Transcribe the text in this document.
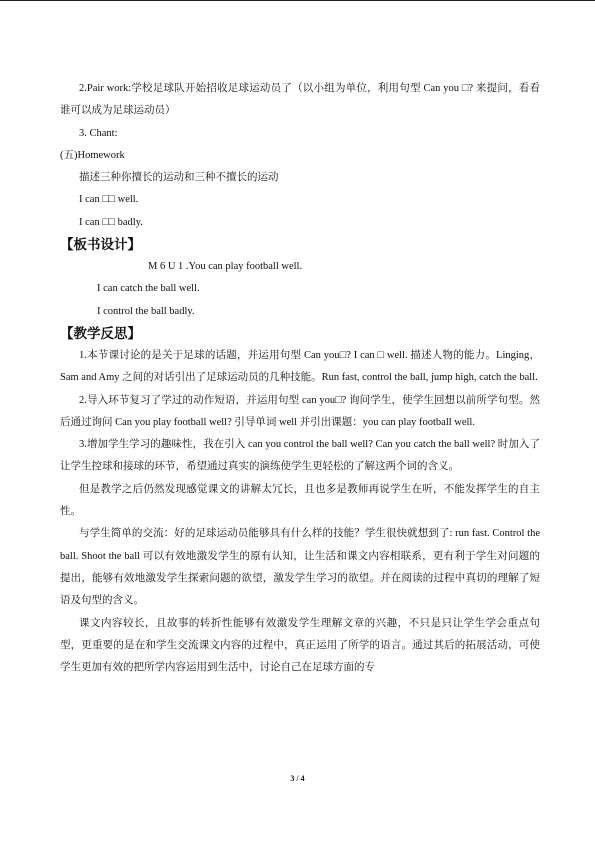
2.Pair work:学校足球队开始招收足球运动员了（以小组为单位，利用句型 Can you □? 来提问，看看谁可以成为足球运动员）

3. Chant:

(五)Homework

描述三种你擅长的运动和三种不擅长的运动

I can □□ well.

I can □□ badly.

【板书设计】

M 6 U 1 .You can play football well.

I can catch the ball well.

I control the ball badly.

【教学反思】

1.本节课讨论的是关于足球的话题，并运用句型 Can you□? I can □ well. 描述人物的能力。Linging，Sam and Amy 之间的对话引出了足球运动员的几种技能。Run fast, control the ball, jump high, catch the ball.

2.导入环节复习了学过的动作短语，并运用句型 can you□? 询问学生，使学生回想以前所学句型。然后通过询问 Can you play football well? 引导单词 well 并引出课题：you can play football well.

3.增加学生学习的趣味性，我在引入 can you control the ball well? Can you catch the ball well? 时加入了让学生控球和接球的环节，希望通过真实的演练使学生更轻松的了解这两个词的含义。

但是教学之后仍然发现感觉课文的讲解太冗长，且也多是教师再说学生在听，不能发挥学生的自主性。

与学生简单的交流：好的足球运动员能够具有什么样的技能？学生很快就想到了: run fast. Control the ball. Shoot the ball 可以有效地激发学生的原有认知，让生活和课文内容相联系，更有利于学生对问题的提出，能够有效地激发学生探索问题的欲望，激发学生学习的欲望。并在阅读的过程中真切的理解了短语及句型的含义。

课文内容较长，且故事的转折性能够有效激发学生理解文章的兴趣，不只是只让学生学会重点句型，更重要的是在和学生交流课文内容的过程中，真正运用了所学的语言。通过其后的拓展活动，可使学生更加有效的把所学内容运用到生活中，讨论自己在足球方面的专

3 / 4
